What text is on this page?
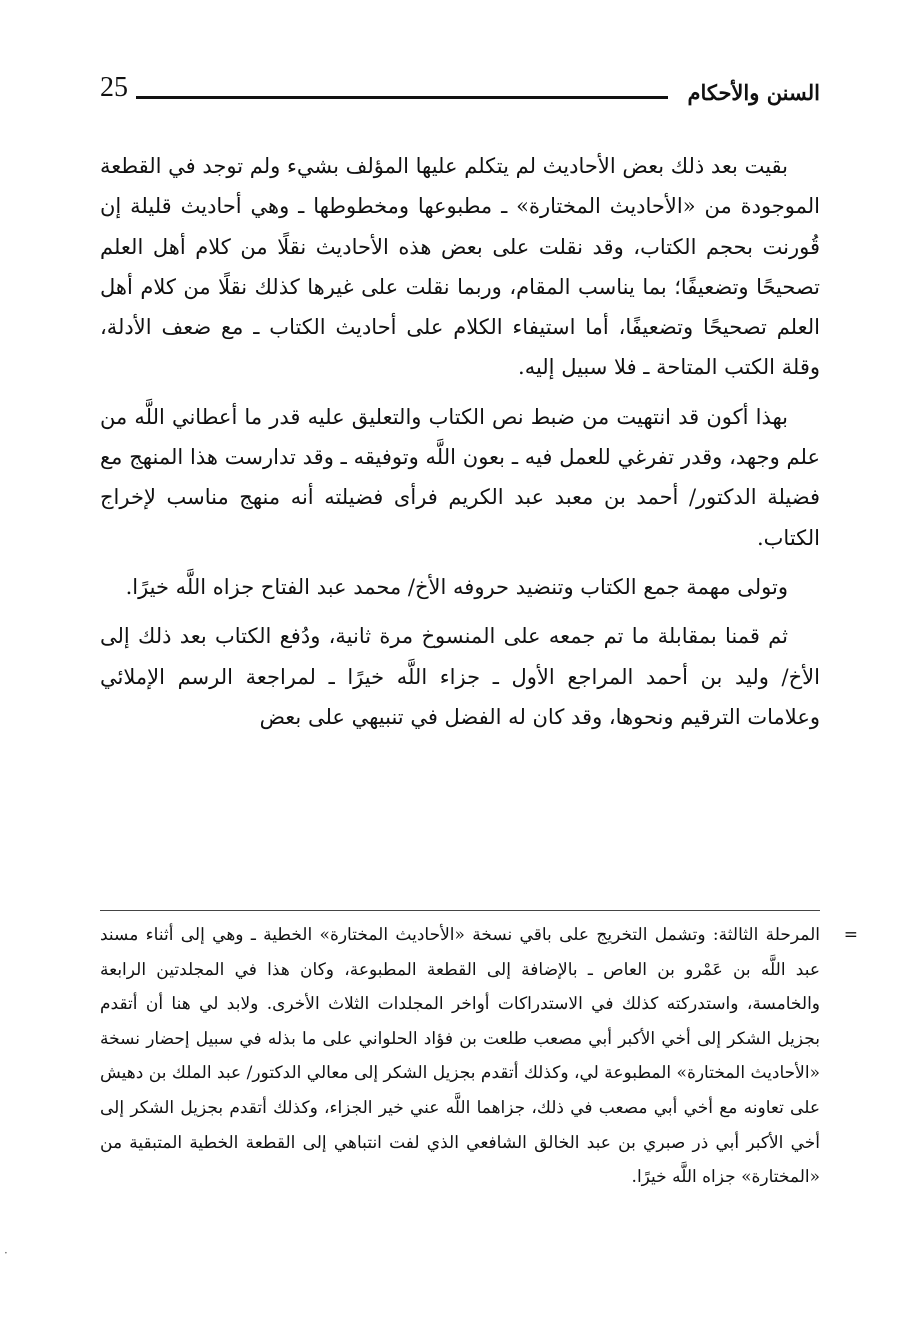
السنن والأحكام
25

بقيت بعد ذلك بعض الأحاديث لم يتكلم عليها المؤلف بشيء ولم توجد في القطعة الموجودة من «الأحاديث المختارة» ـ مطبوعها ومخطوطها ـ وهي أحاديث قليلة إن قُورنت بحجم الكتاب، وقد نقلت على بعض هذه الأحاديث نقلًا من كلام أهل العلم تصحيحًا وتضعيفًا؛ بما يناسب المقام، وربما نقلت على غيرها كذلك نقلًا من كلام أهل العلم تصحيحًا وتضعيفًا، أما استيفاء الكلام على أحاديث الكتاب ـ مع ضعف الأدلة، وقلة الكتب المتاحة ـ فلا سبيل إليه.

بهذا أكون قد انتهيت من ضبط نص الكتاب والتعليق عليه قدر ما أعطاني اللَّه من علم وجهد، وقدر تفرغي للعمل فيه ـ بعون اللَّه وتوفيقه ـ وقد تدارست هذا المنهج مع فضيلة الدكتور/ أحمد بن معبد عبد الكريم فرأى فضيلته أنه منهج مناسب لإخراج الكتاب.

وتولى مهمة جمع الكتاب وتنضيد حروفه الأخ/ محمد عبد الفتاح جزاه اللَّه خيرًا.

ثم قمنا بمقابلة ما تم جمعه على المنسوخ مرة ثانية، ودُفع الكتاب بعد ذلك إلى الأخ/ وليد بن أحمد المراجع الأول ـ جزاء اللَّه خيرًا ـ لمراجعة الرسم الإملائي وعلامات الترقيم ونحوها، وقد كان له الفضل في تنبيهي على بعض

=
المرحلة الثالثة: وتشمل التخريج على باقي نسخة «الأحاديث المختارة» الخطية ـ وهي إلى أثناء مسند عبد اللَّه بن عَمْرو بن العاص ـ بالإضافة إلى القطعة المطبوعة، وكان هذا في المجلدتين الرابعة والخامسة، واستدركته كذلك في الاستدراكات أواخر المجلدات الثلاث الأخرى. ولابد لي هنا أن أتقدم بجزيل الشكر إلى أخي الأكبر أبي مصعب طلعت بن فؤاد الحلواني على ما بذله في سبيل إحضار نسخة «الأحاديث المختارة» المطبوعة لي، وكذلك أتقدم بجزيل الشكر إلى معالي الدكتور/ عبد الملك بن دهيش على تعاونه مع أخي أبي مصعب في ذلك، جزاهما اللَّه عني خير الجزاء، وكذلك أتقدم بجزيل الشكر إلى أخي الأكبر أبي ذر صبري بن عبد الخالق الشافعي الذي لفت انتباهي إلى القطعة الخطية المتبقية من «المختارة» جزاه اللَّه خيرًا.
·
